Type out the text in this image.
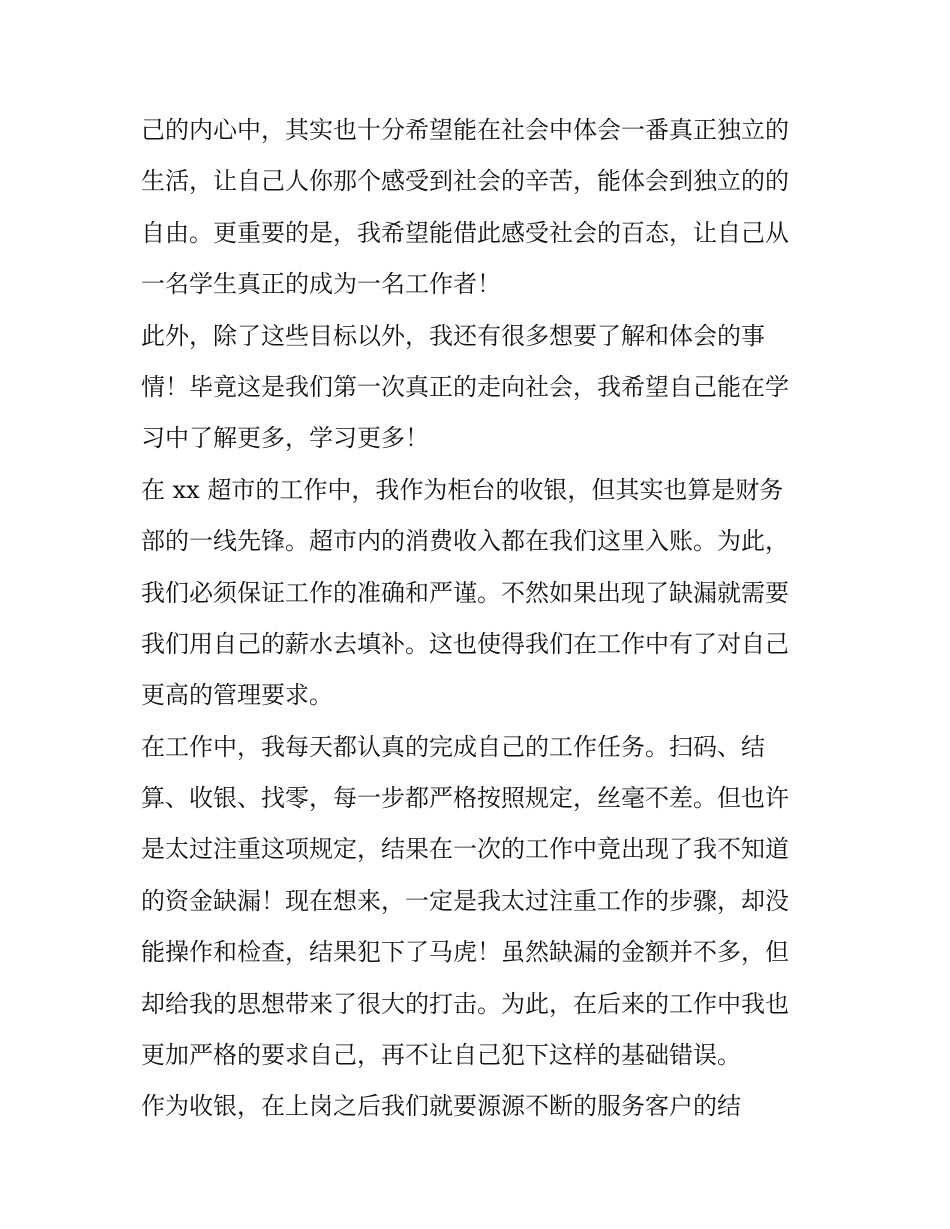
己的内心中，其实也十分希望能在社会中体会一番真正独立的
生活，让自己人你那个感受到社会的辛苦，能体会到独立的的
自由。更重要的是，我希望能借此感受社会的百态，让自己从
一名学生真正的成为一名工作者！
此外，除了这些目标以外，我还有很多想要了解和体会的事
情！毕竟这是我们第一次真正的走向社会，我希望自己能在学
习中了解更多，学习更多！
在 xx 超市的工作中，我作为柜台的收银，但其实也算是财务
部的一线先锋。超市内的消费收入都在我们这里入账。为此，
我们必须保证工作的准确和严谨。不然如果出现了缺漏就需要
我们用自己的薪水去填补。这也使得我们在工作中有了对自己
更高的管理要求。
在工作中，我每天都认真的完成自己的工作任务。扫码、结
算、收银、找零，每一步都严格按照规定，丝毫不差。但也许
是太过注重这项规定，结果在一次的工作中竟出现了我不知道
的资金缺漏！现在想来，一定是我太过注重工作的步骤，却没
能操作和检查，结果犯下了马虎！虽然缺漏的金额并不多，但
却给我的思想带来了很大的打击。为此，在后来的工作中我也
更加严格的要求自己，再不让自己犯下这样的基础错误。
作为收银，在上岗之后我们就要源源不断的服务客户的结
